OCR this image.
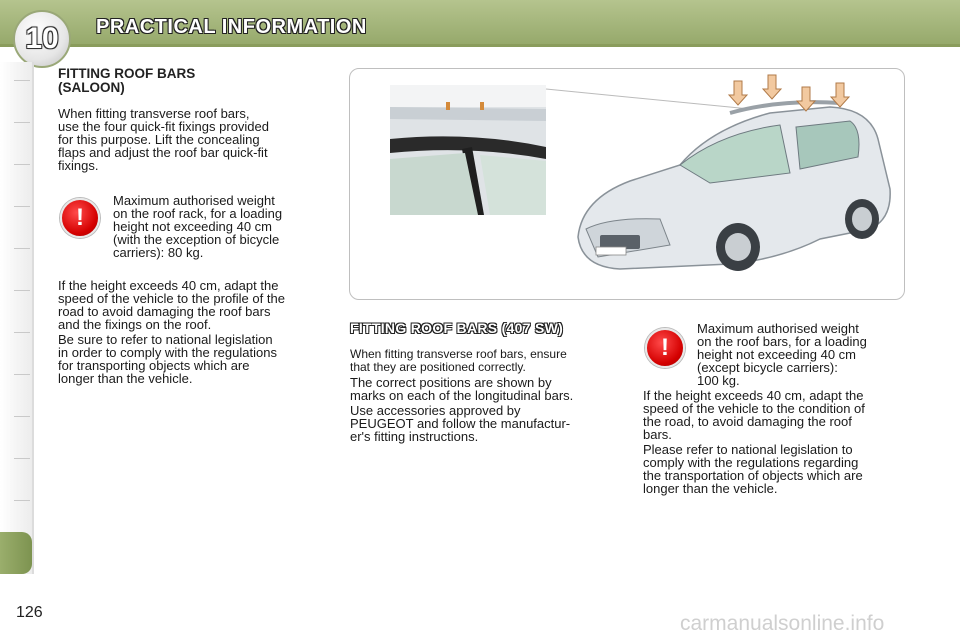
10	PRACTICAL INFORMATION
FITTING ROOF BARS
(SALOON)
When fitting transverse roof bars,
use the four quick-fit fixings provided
for this purpose. Lift the concealing
flaps and adjust the roof bar quick-fit
fixings.
!
Maximum authorised weight
on the roof rack, for a loading
height not exceeding 40 cm
(with the exception of bicycle
carriers): 80 kg.
If the height exceeds 40 cm, adapt the
speed of the vehicle to the profile of the
road to avoid damaging the roof bars
and the fixings on the roof.
Be sure to refer to national legislation
in order to comply with the regulations
for transporting objects which are
longer than the vehicle.
FITTING ROOF BARS (407 SW)
When fitting transverse roof bars, ensure
that they are positioned correctly.
The correct positions are shown by
marks on each of the longitudinal bars.
Use accessories approved by
PEUGEOT and follow the manufactur-
er's fitting instructions.
!
Maximum authorised weight
on the roof bars, for a loading
height not exceeding 40 cm
(except bicycle carriers):
100 kg.
If the height exceeds 40 cm, adapt the
speed of the vehicle to the condition of
the road, to avoid damaging the roof
bars.
Please refer to national legislation to
comply with the regulations regarding
the transportation of objects which are
longer than the vehicle.
126	carmanualsonline.info
